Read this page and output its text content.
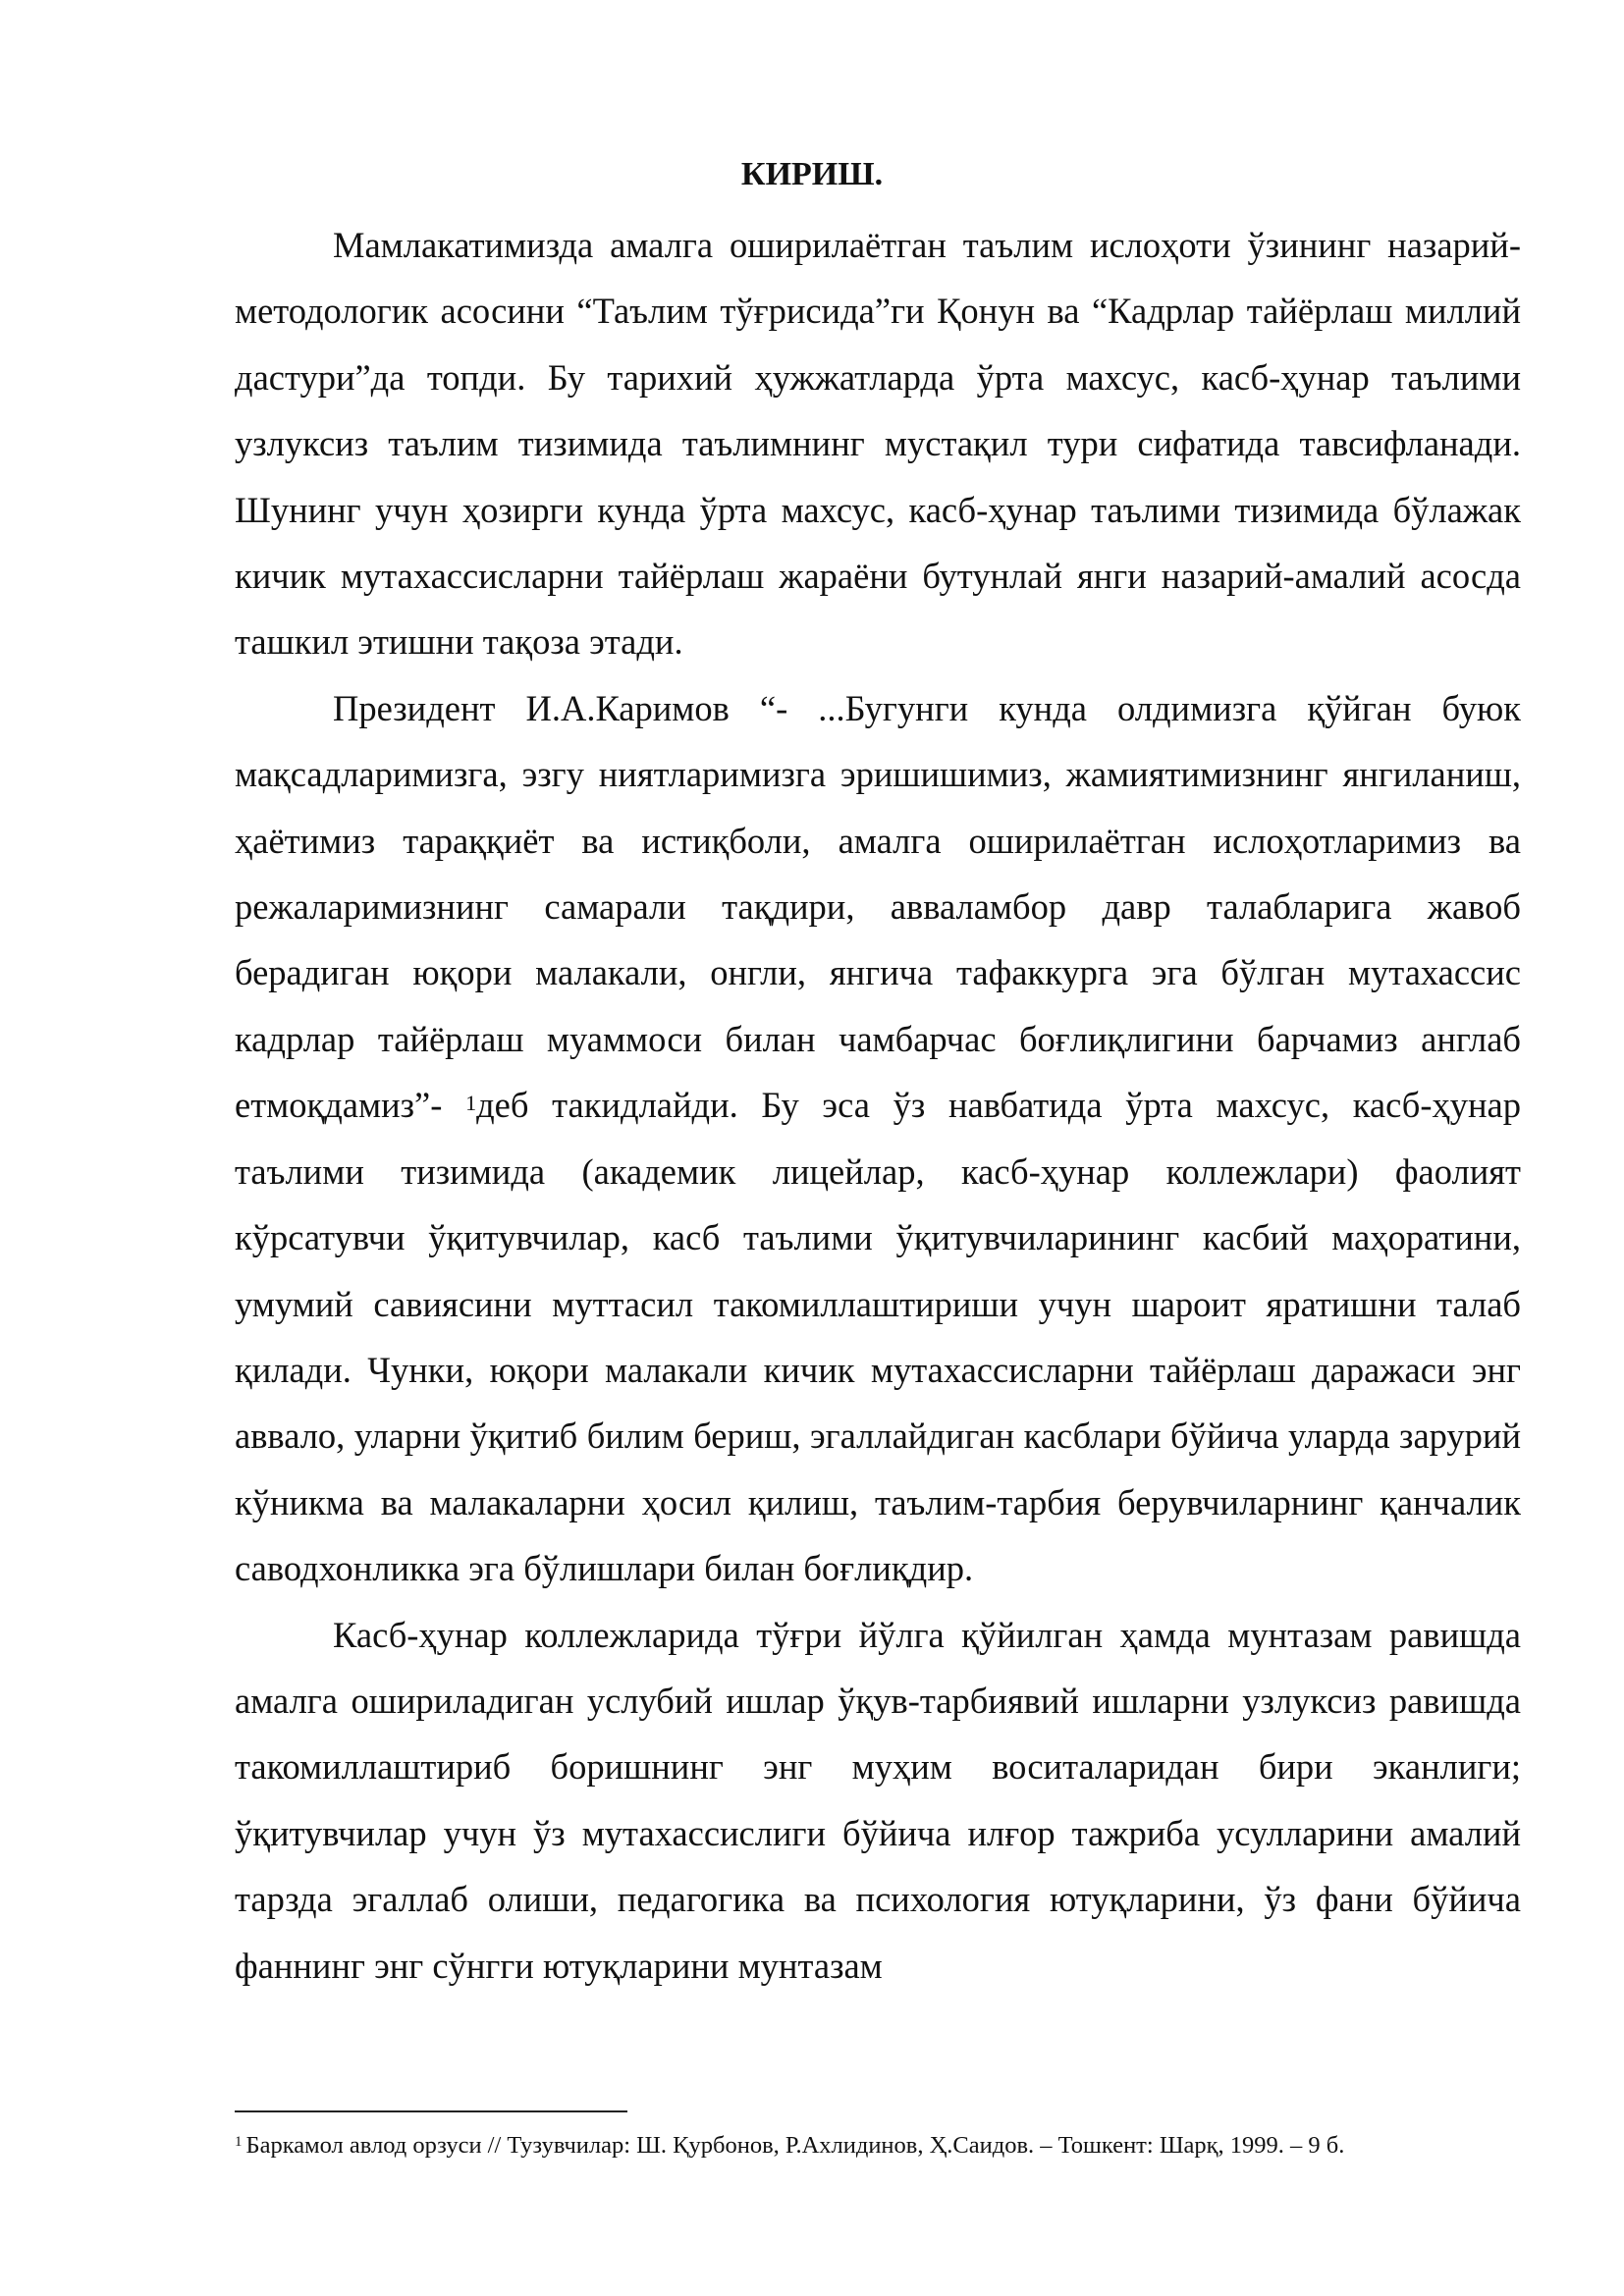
КИРИШ.

Мамлакатимизда амалга оширилаётган таълим ислоҳоти ўзининг назарий-методологик асосини “Таълим тўғрисида”ги Қонун ва “Кадрлар тайёрлаш миллий дастури”да топди. Бу тарихий ҳужжатларда ўрта махсус, касб-ҳунар таълими узлуксиз таълим тизимида таълимнинг мустақил тури сифатида тавсифланади. Шунинг учун ҳозирги кунда ўрта махсус, касб-ҳунар таълими тизимида бўлажак кичик мутахассисларни тайёрлаш жараёни бутунлай янги назарий-амалий асосда ташкил этишни тақоза этади.

Президент И.А.Каримов “- ...Бугунги кунда олдимизга қўйган буюк мақсадларимизга, эзгу ниятларимизга эришишимиз, жамиятимизнинг янгиланиш, ҳаётимиз тараққиёт ва истиқболи, амалга оширилаётган ислоҳотларимиз ва режаларимизнинг самарали тақдири, авваламбор давр талабларига жавоб берадиган юқори малакали, онгли, янгича тафаккурга эга бўлган мутахассис кадрлар тайёрлаш муаммоси билан чамбарчас боғлиқлигини барчамиз англаб етмоқдамиз”- $^1$деб такидлайди. Бу эса ўз навбатида ўрта махсус, касб-ҳунар таълими тизимида (академик лицейлар, касб-ҳунар коллежлари) фаолият кўрсатувчи ўқитувчилар, касб таълими ўқитувчиларининг касбий маҳоратини, умумий савиясини муттасил такомиллаштириши учун шароит яратишни талаб қилади. Чунки, юқори малакали кичик мутахассисларни тайёрлаш даражаси энг аввало, уларни ўқитиб билим бериш, эгаллайдиган касблари бўйича уларда зарурий кўникма ва малакаларни ҳосил қилиш, таълим-тарбия берувчиларнинг қанчалик саводхонликка эга бўлишлари билан боғлиқдир.

Касб-ҳунар коллежларида тўғри йўлга қўйилган ҳамда мунтазам равишда амалга ошириладиган услубий ишлар ўқув-тарбиявий ишларни узлуксиз равишда такомиллаштириб боришнинг энг муҳим воситаларидан бири эканлиги; ўқитувчилар учун ўз мутахассислиги бўйича илғор тажриба усулларини амалий тарзда эгаллаб олиши, педагогика ва психология ютуқларини, ўз фани бўйича фаннинг энг сўнгги ютуқларини мунтазам

$^1$ Баркамол авлод орзуси // Тузувчилар: Ш. Қурбонов, Р.Ахлидинов, Ҳ.Саидов. – Тошкент: Шарқ, 1999. – 9 б.
